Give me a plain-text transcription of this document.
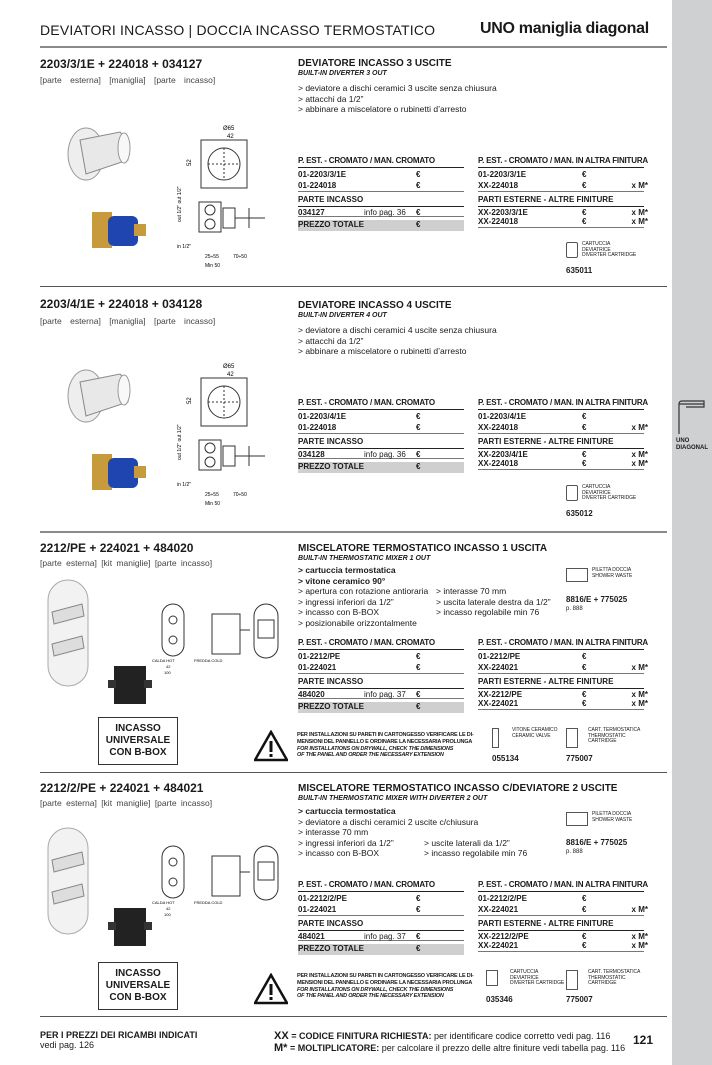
UNO
DIAGONAL
DEVIATORI INCASSO | DOCCIA INCASSO TERMOSTATICO	UNO maniglia diagonal
2203/3/1E + 224018 + 034127
[parte esterna] [maniglia] [parte incasso]
DEVIATORE INCASSO 3 USCITE
BUILT-IN DIVERTER 3 OUT
> deviatore a dischi ceramici 3 uscite senza chiusura
> attacchi da 1/2”
> abbinare a miscelatore o rubinetti d’arresto
Ø65
42
52
in 1/2"
out 1/2" out 1/2"
25÷55	70÷50
Min 50
P. EST. - CROMATO / MAN. CROMATO
01-2203/3/1E	€
01-224018	€
PARTE INCASSO
034127	info pag. 36 €
PREZZO TOTALE	€
P. EST. - CROMATO / MAN. IN ALTRA FINITURA
01-2203/3/1E	€
XX-224018	€	x M*
PARTI ESTERNE - ALTRE FINITURE
XX-2203/3/1E	€	x M*
XX-224018	€	x M*
CARTUCCIA
DEVIATRICE
DIVERTER CARTRIDGE
635011
2203/4/1E + 224018 + 034128
[parte esterna] [maniglia] [parte incasso]
DEVIATORE INCASSO 4 USCITE
BUILT-IN DIVERTER 4 OUT
> deviatore a dischi ceramici 4 uscite senza chiusura
> attacchi da 1/2”
> abbinare a miscelatore o rubinetti d’arresto
Ø65
42
52
in 1/2"
out 1/2" out 1/2"
25÷55	70÷50
Min 50
P. EST. - CROMATO / MAN. CROMATO
01-2203/4/1E	€
01-224018	€
PARTE INCASSO
034128	info pag. 36 €
PREZZO TOTALE	€
P. EST. - CROMATO / MAN. IN ALTRA FINITURA
01-2203/4/1E	€
XX-224018	€	x M*
PARTI ESTERNE - ALTRE FINITURE
XX-2203/4/1E	€	x M*
XX-224018	€	x M*
CARTUCCIA
DEVIATRICE
DIVERTER CARTRIDGE
635012
2212/PE + 224021 + 484020
[parte esterna] [kit maniglie] [parte incasso]
MISCELATORE TERMOSTATICO INCASSO 1 USCITA
BUILT-IN THERMOSTATIC MIXER 1 OUT
> cartuccia termostatica
> vitone ceramico 90°
> apertura con rotazione antioraria
> ingressi inferiori da 1/2”
> incasso con B-BOX
> posizionabile orizzontalmente
> interasse 70 mm
> uscita laterale destra da 1/2”
> incasso regolabile min 76
PILETTA DOCCIA
SHOWER WASTE
8816/E + 775025
p. 888
CALDA HOT	FREDDA COLD
42
100
INCASSO
UNIVERSALE
CON B-BOX
PER INSTALLAZIONI SU PARETI IN CARTONGESSO VERIFICARE LE DI-
MENSIONI DEL PANNELLO E ORDINARE LA NECESSARIA PROLUNGA
FOR INSTALLATIONS ON DRYWALL, CHECK THE DIMENSIONS
OF THE PANEL AND ORDER THE NECESSARY EXTENSION
P. EST. - CROMATO / MAN. CROMATO
01-2212/PE	€
01-224021	€
PARTE INCASSO
484020	info pag. 37 €
PREZZO TOTALE	€
P. EST. - CROMATO / MAN. IN ALTRA FINITURA
01-2212/PE	€
XX-224021	€	x M*
PARTI ESTERNE - ALTRE FINITURE
XX-2212/PE	€	x M*
XX-224021	€	x M*
VITONE CERAMICO
CERAMIC VALVE
CART. TERMOSTATICA
THERMOSTATIC
CARTRIDGE
055134	775007
2212/2/PE + 224021 + 484021
[parte esterna] [kit maniglie] [parte incasso]
MISCELATORE TERMOSTATICO INCASSO C/DEVIATORE 2 USCITE
BUILT-IN THERMOSTATIC MIXER WITH DIVERTER 2 OUT
> cartuccia termostatica
> deviatore a dischi ceramici 2 uscite c/chiusura
> interasse 70 mm
> ingressi inferiori da 1/2”
> incasso con B-BOX
> uscite laterali da 1/2”
> incasso regolabile min 76
PILETTA DOCCIA
SHOWER WASTE
8816/E + 775025
p. 888
CALDA HOT	FREDDA COLD
42
100
INCASSO
UNIVERSALE
CON B-BOX
PER INSTALLAZIONI SU PARETI IN CARTONGESSO VERIFICARE LE DI-
MENSIONI DEL PANNELLO E ORDINARE LA NECESSARIA PROLUNGA
FOR INSTALLATIONS ON DRYWALL, CHECK THE DIMENSIONS
OF THE PANEL AND ORDER THE NECESSARY EXTENSION
P. EST. - CROMATO / MAN. CROMATO
01-2212/2/PE	€
01-224021	€
PARTE INCASSO
484021	info pag. 37 €
PREZZO TOTALE	€
P. EST. - CROMATO / MAN. IN ALTRA FINITURA
01-2212/2/PE	€
XX-224021	€	x M*
PARTI ESTERNE - ALTRE FINITURE
XX-2212/2/PE	€	x M*
XX-224021	€	x M*
CARTUCCIA
DEVIATRICE
DIVERTER CARTRIDGE
CART. TERMOSTATICA
THERMOSTATIC
CARTRIDGE
035346	775007
PER I PREZZI DEI RICAMBI INDICATI
vedi pag. 126
XX = CODICE FINITURA RICHIESTA: per identificare codice corretto vedi pag. 116
M* = MOLTIPLICATORE: per calcolare il prezzo delle altre finiture vedi tabella pag. 116
121
